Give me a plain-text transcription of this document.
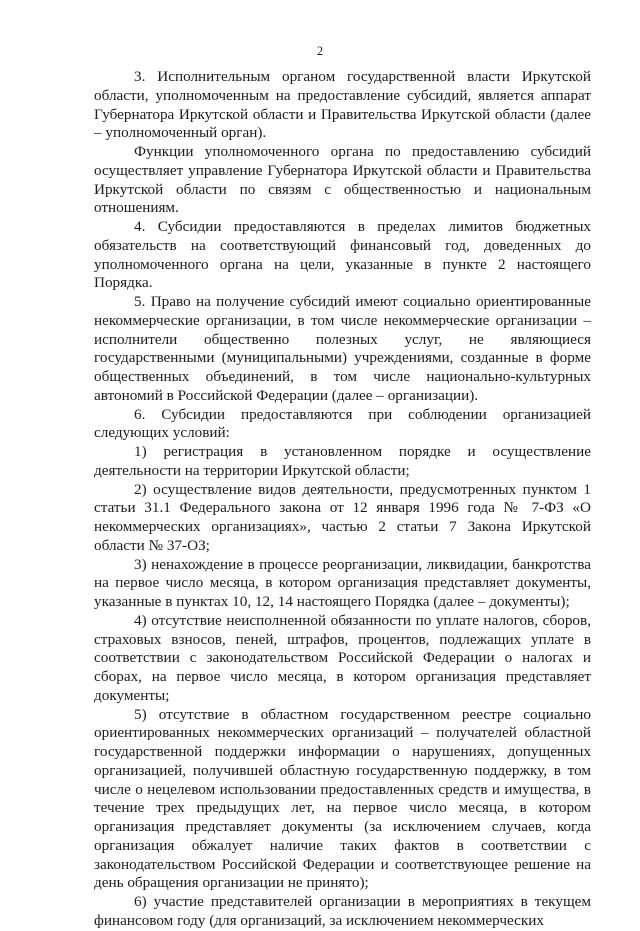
2

3. Исполнительным органом государственной власти Иркутской области, уполномоченным на предоставление субсидий, является аппарат Губернатора Иркутской области и Правительства Иркутской области (далее – уполномоченный орган).

Функции уполномоченного органа по предоставлению субсидий осуществляет управление Губернатора Иркутской области и Правительства Иркутской области по связям с общественностью и национальным отношениям.

4. Субсидии предоставляются в пределах лимитов бюджетных обязательств на соответствующий финансовый год, доведенных до уполномоченного органа на цели, указанные в пункте 2 настоящего Порядка.

5. Право на получение субсидий имеют социально ориентированные некоммерческие организации, в том числе некоммерческие организации – исполнители общественно полезных услуг, не являющиеся государственными (муниципальными) учреждениями, созданные в форме общественных объединений, в том числе национально-культурных автономий в Российской Федерации (далее – организации).

6. Субсидии предоставляются при соблюдении организацией следующих условий:

1) регистрация в установленном порядке и осуществление деятельности на территории Иркутской области;

2) осуществление видов деятельности, предусмотренных пунктом 1 статьи 31.1 Федерального закона от 12 января 1996 года № 7-ФЗ «О некоммерческих организациях», частью 2 статьи 7 Закона Иркутской области № 37-ОЗ;

3) ненахождение в процессе реорганизации, ликвидации, банкротства на первое число месяца, в котором организация представляет документы, указанные в пунктах 10, 12, 14 настоящего Порядка (далее – документы);

4) отсутствие неисполненной обязанности по уплате налогов, сборов, страховых взносов, пеней, штрафов, процентов, подлежащих уплате в соответствии с законодательством Российской Федерации о налогах и сборах, на первое число месяца, в котором организация представляет документы;

5) отсутствие в областном государственном реестре социально ориентированных некоммерческих организаций – получателей областной государственной поддержки информации о нарушениях, допущенных организацией, получившей областную государственную поддержку, в том числе о нецелевом использовании предоставленных средств и имущества, в течение трех предыдущих лет, на первое число месяца, в котором организация представляет документы (за исключением случаев, когда организация обжалует наличие таких фактов в соответствии с законодательством Российской Федерации и соответствующее решение на день обращения организации не принято);

6) участие представителей организации в мероприятиях в текущем финансовом году (для организаций, за исключением некоммерческих
